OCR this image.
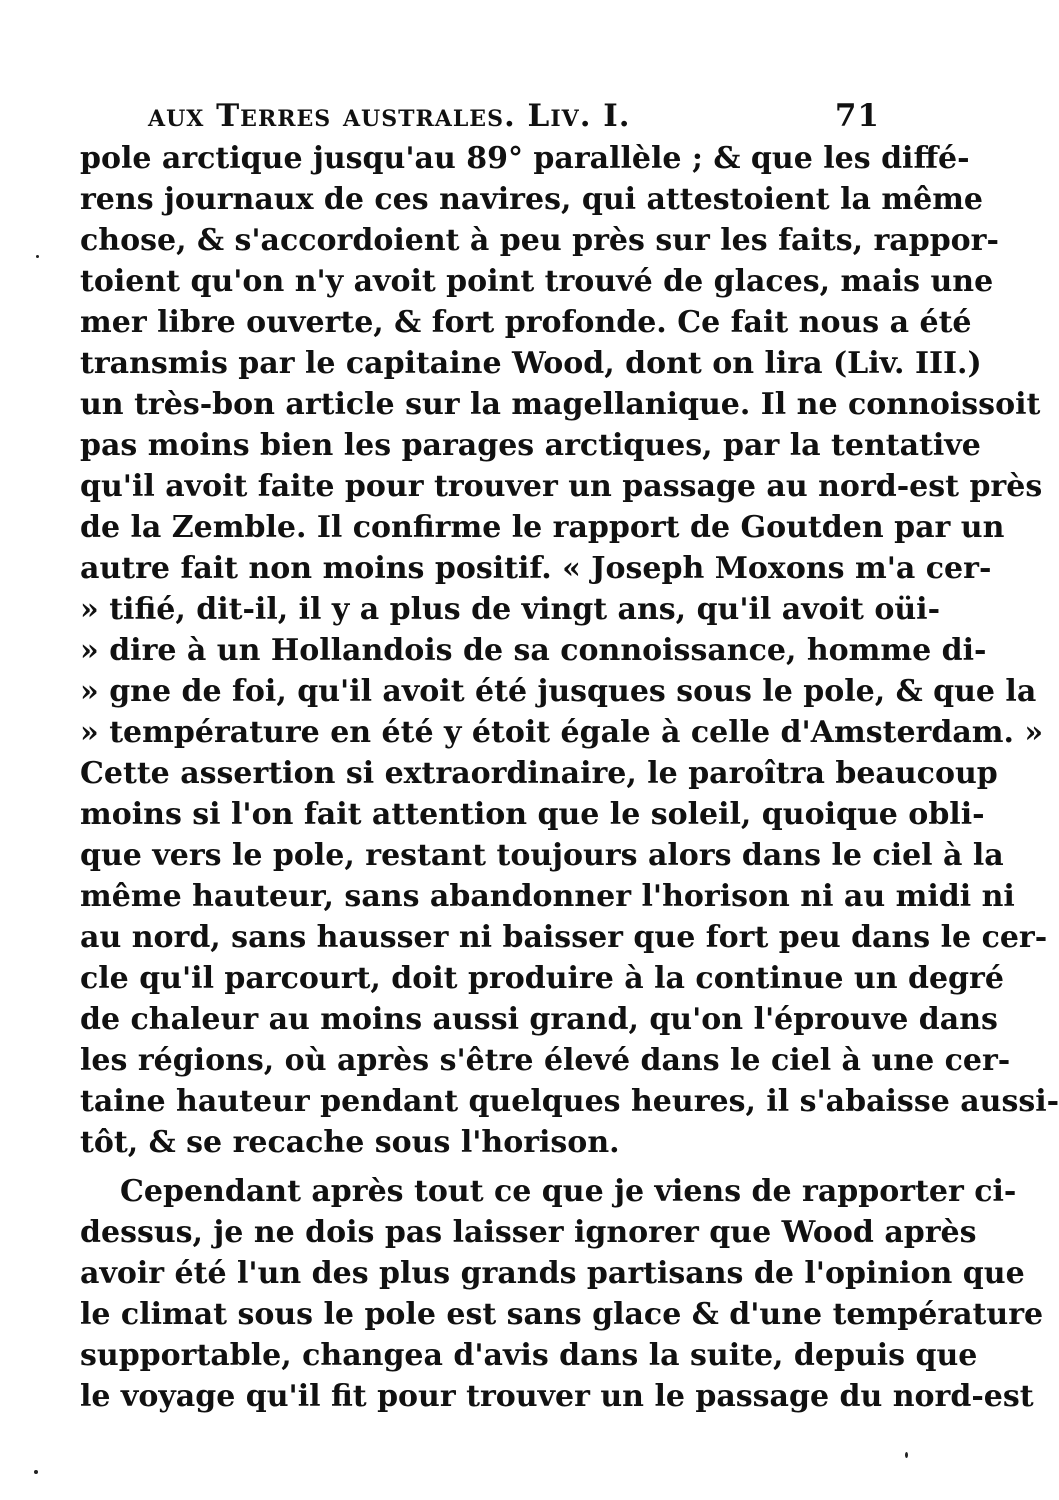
aux Terres australes. Liv. I.	71
pole arctique jusqu'au 89° parallèle ; & que les diffé-
rens journaux de ces navires, qui attestoient la même
chose, & s'accordoient à peu près sur les faits, rappor-
toient qu'on n'y avoit point trouvé de glaces, mais une
mer libre ouverte, & fort profonde. Ce fait nous a été
transmis par le capitaine Wood, dont on lira (Liv. III.)
un très-bon article sur la magellanique. Il ne connoissoit
pas moins bien les parages arctiques, par la tentative
qu'il avoit faite pour trouver un passage au nord-est près
de la Zemble. Il confirme le rapport de Goutden par un
autre fait non moins positif. « Joseph Moxons m'a cer-
» tifié, dit-il, il y a plus de vingt ans, qu'il avoit oüi-
» dire à un Hollandois de sa connoissance, homme di-
» gne de foi, qu'il avoit été jusques sous le pole, & que la
» température en été y étoit égale à celle d'Amsterdam. »
Cette assertion si extraordinaire, le paroîtra beaucoup
moins si l'on fait attention que le soleil, quoique obli-
que vers le pole, restant toujours alors dans le ciel à la
même hauteur, sans abandonner l'horison ni au midi ni
au nord, sans hausser ni baisser que fort peu dans le cer-
cle qu'il parcourt, doit produire à la continue un degré
de chaleur au moins aussi grand, qu'on l'éprouve dans
les régions, où après s'être élevé dans le ciel à une cer-
taine hauteur pendant quelques heures, il s'abaisse aussi-
tôt, & se recache sous l'horison.
Cependant après tout ce que je viens de rapporter ci-
dessus, je ne dois pas laisser ignorer que Wood après
avoir été l'un des plus grands partisans de l'opinion que
le climat sous le pole est sans glace & d'une température
supportable, changea d'avis dans la suite, depuis que
le voyage qu'il fit pour trouver un le passage du nord-est
